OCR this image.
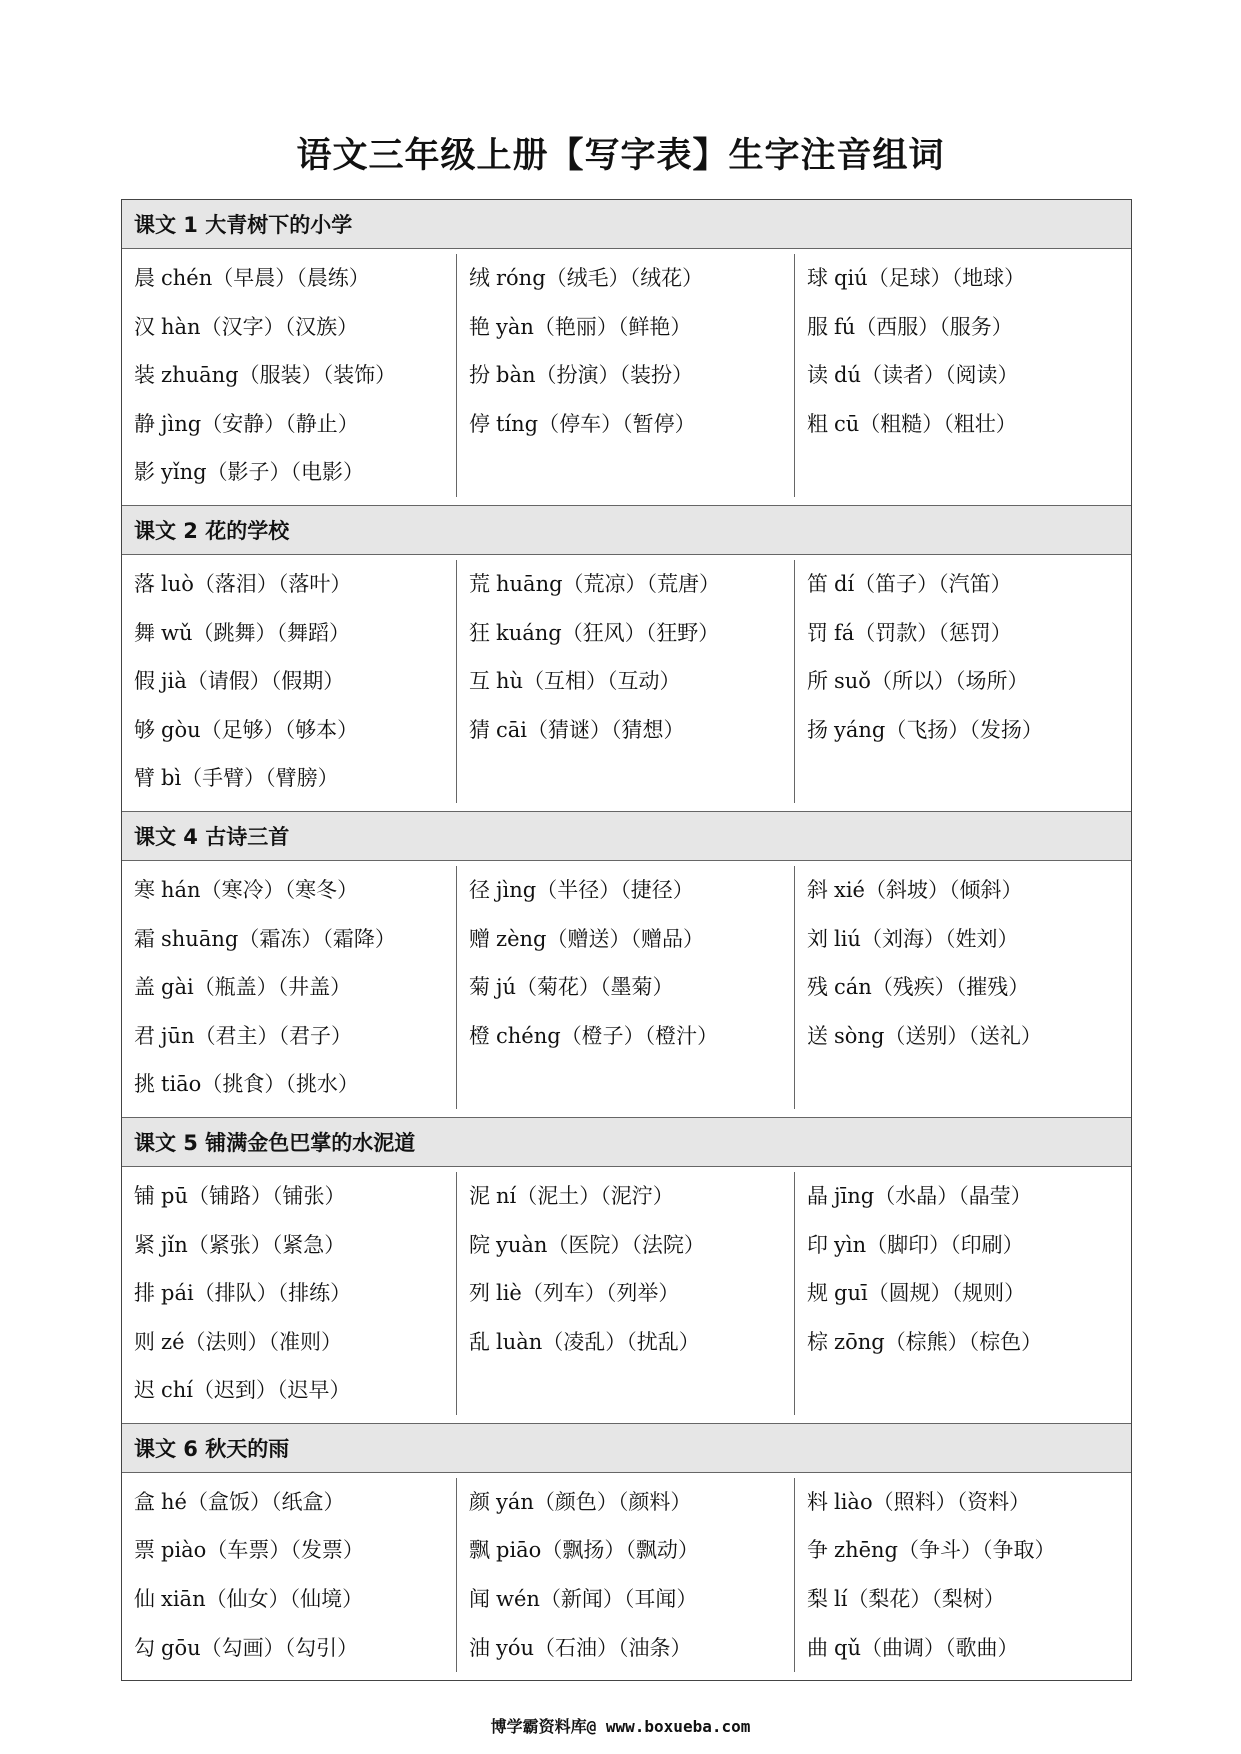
语文三年级上册【写字表】生字注音组词
课文 1 大青树下的小学
晨 chén（早晨）（晨练）
汉 hàn（汉字）（汉族）
装 zhuāng（服装）（装饰）
静 jìng（安静）（静止）
影 yǐng（影子）（电影）
绒 róng（绒毛）（绒花）
艳 yàn（艳丽）（鲜艳）
扮 bàn（扮演）（装扮）
停 tíng（停车）（暂停）
球 qiú（足球）（地球）
服 fú（西服）（服务）
读 dú（读者）（阅读）
粗 cū（粗糙）（粗壮）
课文 2 花的学校
落 luò（落泪）（落叶）
舞 wǔ（跳舞）（舞蹈）
假 jià（请假）（假期）
够 gòu（足够）（够本）
臂 bì（手臂）（臂膀）
荒 huāng（荒凉）（荒唐）
狂 kuáng（狂风）（狂野）
互 hù（互相）（互动）
猜 cāi（猜谜）（猜想）
笛 dí（笛子）（汽笛）
罚 fá（罚款）（惩罚）
所 suǒ（所以）（场所）
扬 yáng（飞扬）（发扬）
课文 4 古诗三首
寒 hán（寒冷）（寒冬）
霜 shuāng（霜冻）（霜降）
盖 gài（瓶盖）（井盖）
君 jūn（君主）（君子）
挑 tiāo（挑食）（挑水）
径 jìng（半径）（捷径）
赠 zèng（赠送）（赠品）
菊 jú（菊花）（墨菊）
橙 chéng（橙子）（橙汁）
斜 xié（斜坡）（倾斜）
刘 liú（刘海）（姓刘）
残 cán（残疾）（摧残）
送 sòng（送别）（送礼）
课文 5 铺满金色巴掌的水泥道
铺 pū（铺路）（铺张）
紧 jǐn（紧张）（紧急）
排 pái（排队）（排练）
则 zé（法则）（准则）
迟 chí（迟到）（迟早）
泥 ní（泥土）（泥泞）
院 yuàn（医院）（法院）
列 liè（列车）（列举）
乱 luàn（凌乱）（扰乱）
晶 jīng（水晶）（晶莹）
印 yìn（脚印）（印刷）
规 guī（圆规）（规则）
棕 zōng（棕熊）（棕色）
课文 6 秋天的雨
盒 hé（盒饭）（纸盒）
票 piào（车票）（发票）
仙 xiān（仙女）（仙境）
勾 gōu（勾画）（勾引）
颜 yán（颜色）（颜料）
飘 piāo（飘扬）（飘动）
闻 wén（新闻）（耳闻）
油 yóu（石油）（油条）
料 liào（照料）（资料）
争 zhēng（争斗）（争取）
梨 lí（梨花）（梨树）
曲 qǔ（曲调）（歌曲）
博学霸资料库@ www.boxueba.com
